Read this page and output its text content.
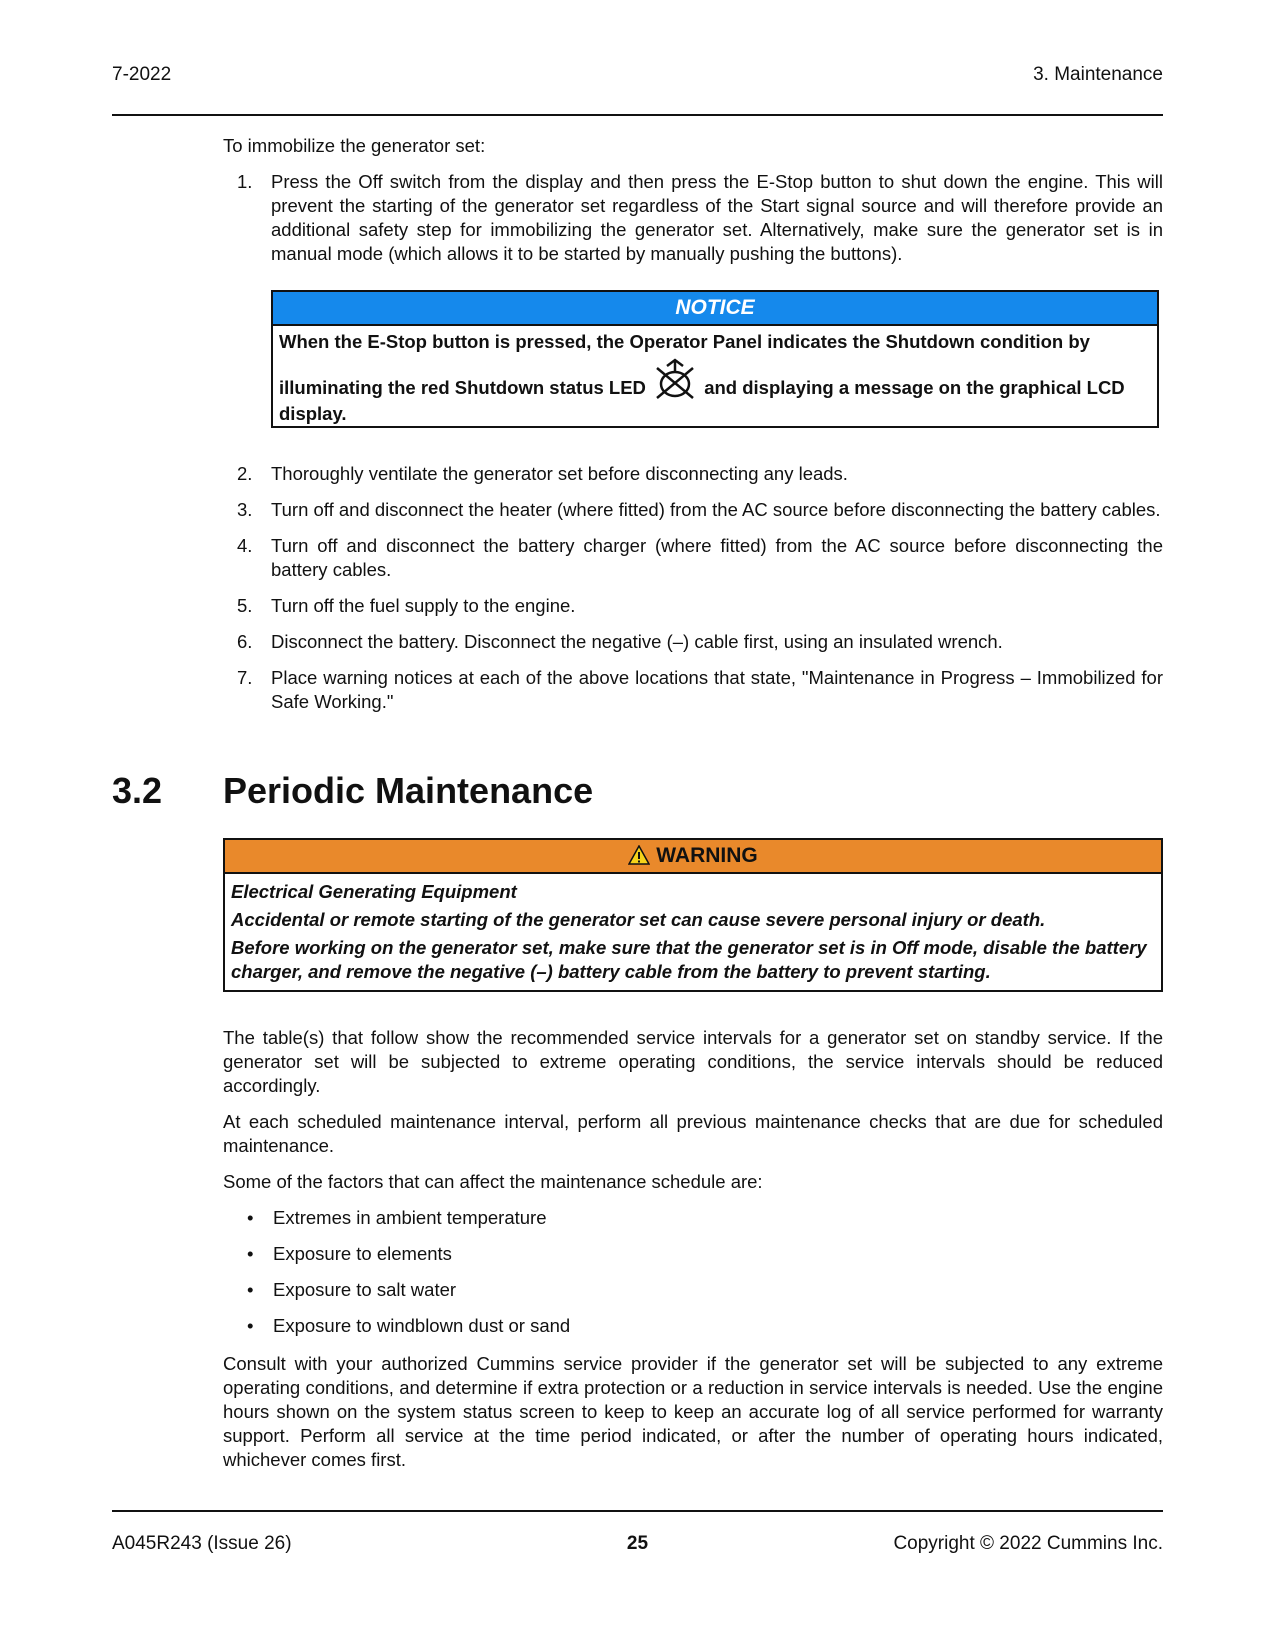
7-2022	3. Maintenance
To immobilize the generator set:
1. Press the Off switch from the display and then press the E-Stop button to shut down the engine. This will prevent the starting of the generator set regardless of the Start signal source and will therefore provide an additional safety step for immobilizing the generator set. Alternatively, make sure the generator set is in manual mode (which allows it to be started by manually pushing the buttons).
NOTICE
When the E-Stop button is pressed, the Operator Panel indicates the Shutdown condition by
illuminating the red Shutdown status LED	and displaying a message on the graphical LCD display.
2. Thoroughly ventilate the generator set before disconnecting any leads.
3. Turn off and disconnect the heater (where fitted) from the AC source before disconnecting the battery cables.
4. Turn off and disconnect the battery charger (where fitted) from the AC source before disconnecting the battery cables.
5. Turn off the fuel supply to the engine.
6. Disconnect the battery. Disconnect the negative (–) cable first, using an insulated wrench.
7. Place warning notices at each of the above locations that state, "Maintenance in Progress – Immobilized for Safe Working."
3.2 Periodic Maintenance
WARNING

Electrical Generating Equipment

Accidental or remote starting of the generator set can cause severe personal injury or death.

Before working on the generator set, make sure that the generator set is in Off mode, disable the battery charger, and remove the negative (–) battery cable from the battery to prevent starting.

The table(s) that follow show the recommended service intervals for a generator set on standby service. If the generator set will be subjected to extreme operating conditions, the service intervals should be reduced accordingly.

At each scheduled maintenance interval, perform all previous maintenance checks that are due for scheduled maintenance.

Some of the factors that can affect the maintenance schedule are:

• Extremes in ambient temperature
• Exposure to elements
• Exposure to salt water
• Exposure to windblown dust or sand

Consult with your authorized Cummins service provider if the generator set will be subjected to any extreme operating conditions, and determine if extra protection or a reduction in service intervals is needed. Use the engine hours shown on the system status screen to keep to keep an accurate log of all service performed for warranty support. Perform all service at the time period indicated, or after the number of operating hours indicated, whichever comes first.

A045R243 (Issue 26)	25	Copyright © 2022 Cummins Inc.
